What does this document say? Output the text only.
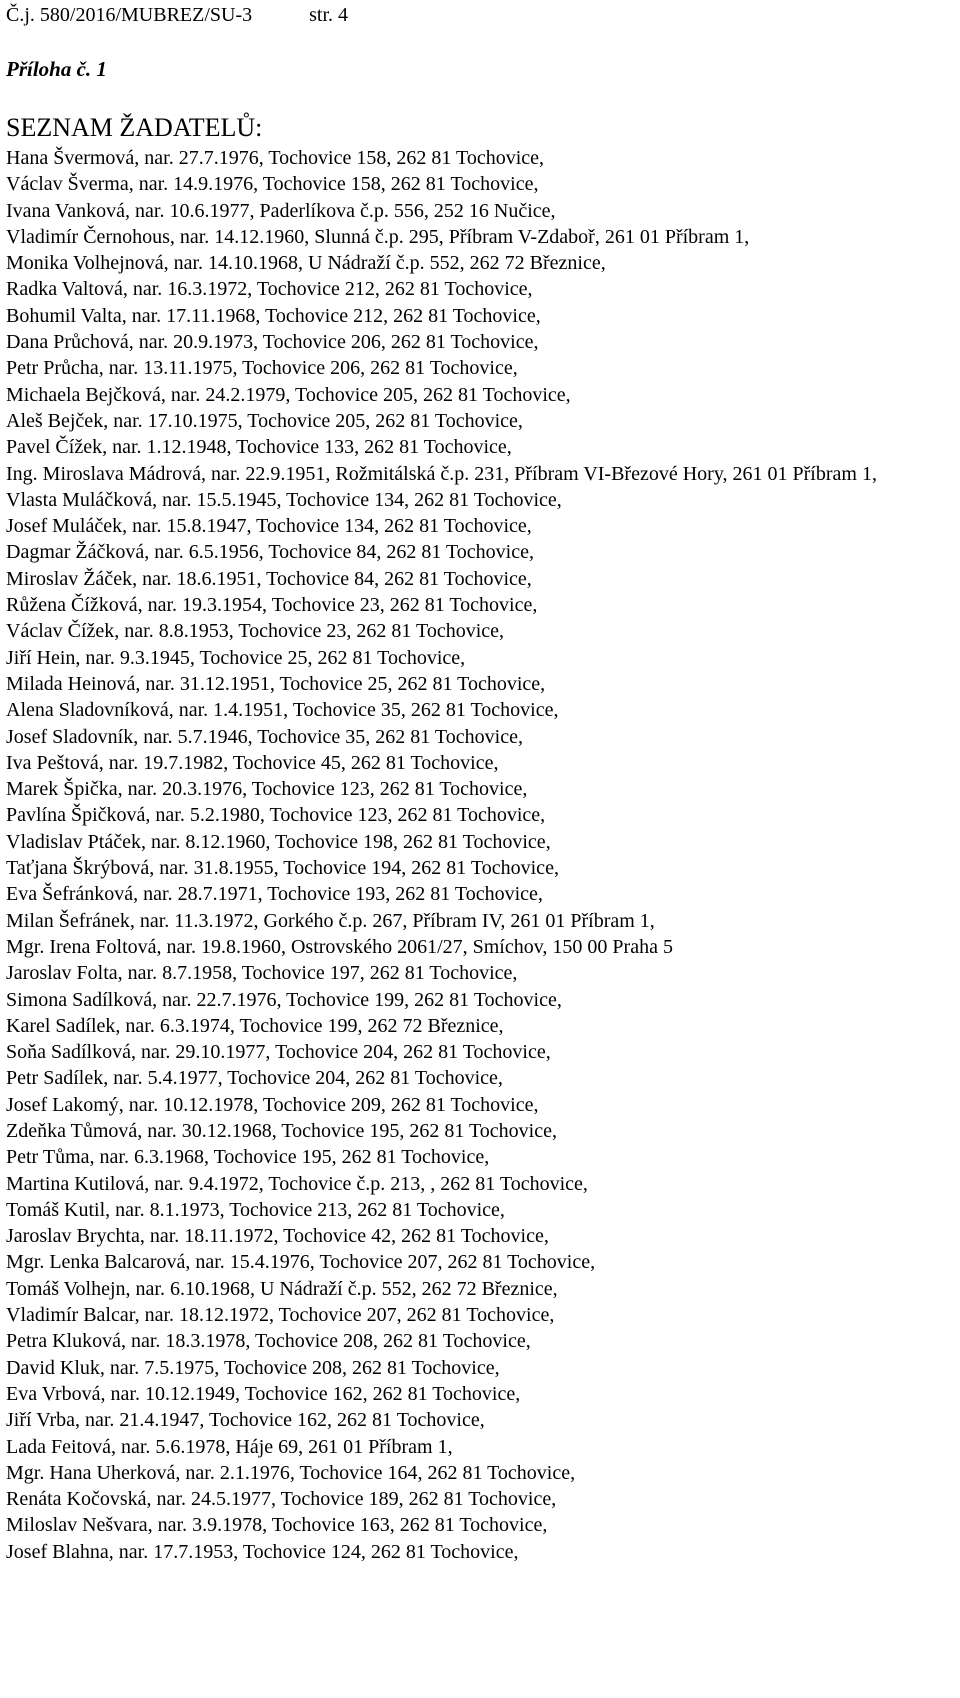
Č.j. 580/2016/MUBREZ/SU-3	str. 4
Příloha č. 1
SEZNAM ŽADATELŮ:
Hana Švermová, nar. 27.7.1976, Tochovice 158, 262 81 Tochovice,
Václav Šverma, nar. 14.9.1976, Tochovice 158, 262 81 Tochovice,
Ivana Vanková, nar. 10.6.1977, Paderlíkova č.p. 556, 252 16 Nučice,
Vladimír Černohous, nar. 14.12.1960, Slunná č.p. 295, Příbram V-Zdaboř, 261 01 Příbram 1,
Monika Volhejnová, nar. 14.10.1968, U Nádraží č.p. 552, 262 72 Březnice,
Radka Valtová, nar. 16.3.1972, Tochovice 212, 262 81 Tochovice,
Bohumil Valta, nar. 17.11.1968, Tochovice 212, 262 81 Tochovice,
Dana Průchová, nar. 20.9.1973, Tochovice 206, 262 81 Tochovice,
Petr Průcha, nar. 13.11.1975, Tochovice 206, 262 81 Tochovice,
Michaela Bejčková, nar. 24.2.1979, Tochovice 205, 262 81 Tochovice,
Aleš Bejček, nar. 17.10.1975, Tochovice 205, 262 81 Tochovice,
Pavel Čížek, nar. 1.12.1948, Tochovice 133, 262 81 Tochovice,
Ing. Miroslava Mádrová, nar. 22.9.1951, Rožmitálská č.p. 231, Příbram VI-Březové Hory, 261 01 Příbram 1,
Vlasta Muláčková, nar. 15.5.1945, Tochovice 134, 262 81 Tochovice,
Josef Muláček, nar. 15.8.1947, Tochovice 134, 262 81 Tochovice,
Dagmar Žáčková, nar. 6.5.1956, Tochovice 84, 262 81 Tochovice,
Miroslav Žáček, nar. 18.6.1951, Tochovice 84, 262 81 Tochovice,
Růžena Čížková, nar. 19.3.1954, Tochovice 23, 262 81 Tochovice,
Václav Čížek, nar. 8.8.1953, Tochovice 23, 262 81 Tochovice,
Jiří Hein, nar. 9.3.1945, Tochovice 25, 262 81 Tochovice,
Milada Heinová, nar. 31.12.1951, Tochovice 25, 262 81 Tochovice,
Alena Sladovníková, nar. 1.4.1951, Tochovice 35, 262 81 Tochovice,
Josef Sladovník, nar. 5.7.1946, Tochovice 35, 262 81 Tochovice,
Iva Peštová, nar. 19.7.1982, Tochovice 45, 262 81 Tochovice,
Marek Špička, nar. 20.3.1976, Tochovice 123, 262 81 Tochovice,
Pavlína Špičková, nar. 5.2.1980, Tochovice 123, 262 81 Tochovice,
Vladislav Ptáček, nar. 8.12.1960, Tochovice 198, 262 81 Tochovice,
Taťjana Škrýbová, nar. 31.8.1955, Tochovice 194, 262 81 Tochovice,
Eva Šefránková, nar. 28.7.1971, Tochovice 193, 262 81 Tochovice,
Milan Šefránek, nar. 11.3.1972, Gorkého č.p. 267, Příbram IV, 261 01 Příbram 1,
Mgr. Irena Foltová, nar. 19.8.1960, Ostrovského 2061/27, Smíchov, 150 00 Praha 5
Jaroslav Folta, nar. 8.7.1958, Tochovice 197, 262 81 Tochovice,
Simona Sadílková, nar. 22.7.1976, Tochovice 199, 262 81 Tochovice,
Karel Sadílek, nar. 6.3.1974, Tochovice 199, 262 72 Březnice,
Soňa Sadílková, nar. 29.10.1977, Tochovice 204, 262 81 Tochovice,
Petr Sadílek, nar. 5.4.1977, Tochovice 204, 262 81 Tochovice,
Josef Lakomý, nar. 10.12.1978, Tochovice 209, 262 81 Tochovice,
Zdeňka Tůmová, nar. 30.12.1968, Tochovice 195, 262 81 Tochovice,
Petr Tůma, nar. 6.3.1968, Tochovice 195, 262 81 Tochovice,
Martina Kutilová, nar. 9.4.1972, Tochovice č.p. 213, , 262 81 Tochovice,
Tomáš Kutil, nar. 8.1.1973, Tochovice 213, 262 81 Tochovice,
Jaroslav Brychta, nar. 18.11.1972, Tochovice 42, 262 81 Tochovice,
Mgr. Lenka Balcarová, nar. 15.4.1976, Tochovice 207, 262 81 Tochovice,
Tomáš Volhejn, nar. 6.10.1968, U Nádraží č.p. 552, 262 72 Březnice,
Vladimír Balcar, nar. 18.12.1972, Tochovice 207, 262 81 Tochovice,
Petra Kluková, nar. 18.3.1978, Tochovice 208, 262 81 Tochovice,
David Kluk, nar. 7.5.1975, Tochovice 208, 262 81 Tochovice,
Eva Vrbová, nar. 10.12.1949, Tochovice 162, 262 81 Tochovice,
Jiří Vrba, nar. 21.4.1947, Tochovice 162, 262 81 Tochovice,
Lada Feitová, nar. 5.6.1978, Háje 69, 261 01 Příbram 1,
Mgr. Hana Uherková, nar. 2.1.1976, Tochovice 164, 262 81 Tochovice,
Renáta Kočovská, nar. 24.5.1977, Tochovice 189, 262 81 Tochovice,
Miloslav Nešvara, nar. 3.9.1978, Tochovice 163, 262 81 Tochovice,
Josef Blahna, nar. 17.7.1953, Tochovice 124, 262 81 Tochovice,
